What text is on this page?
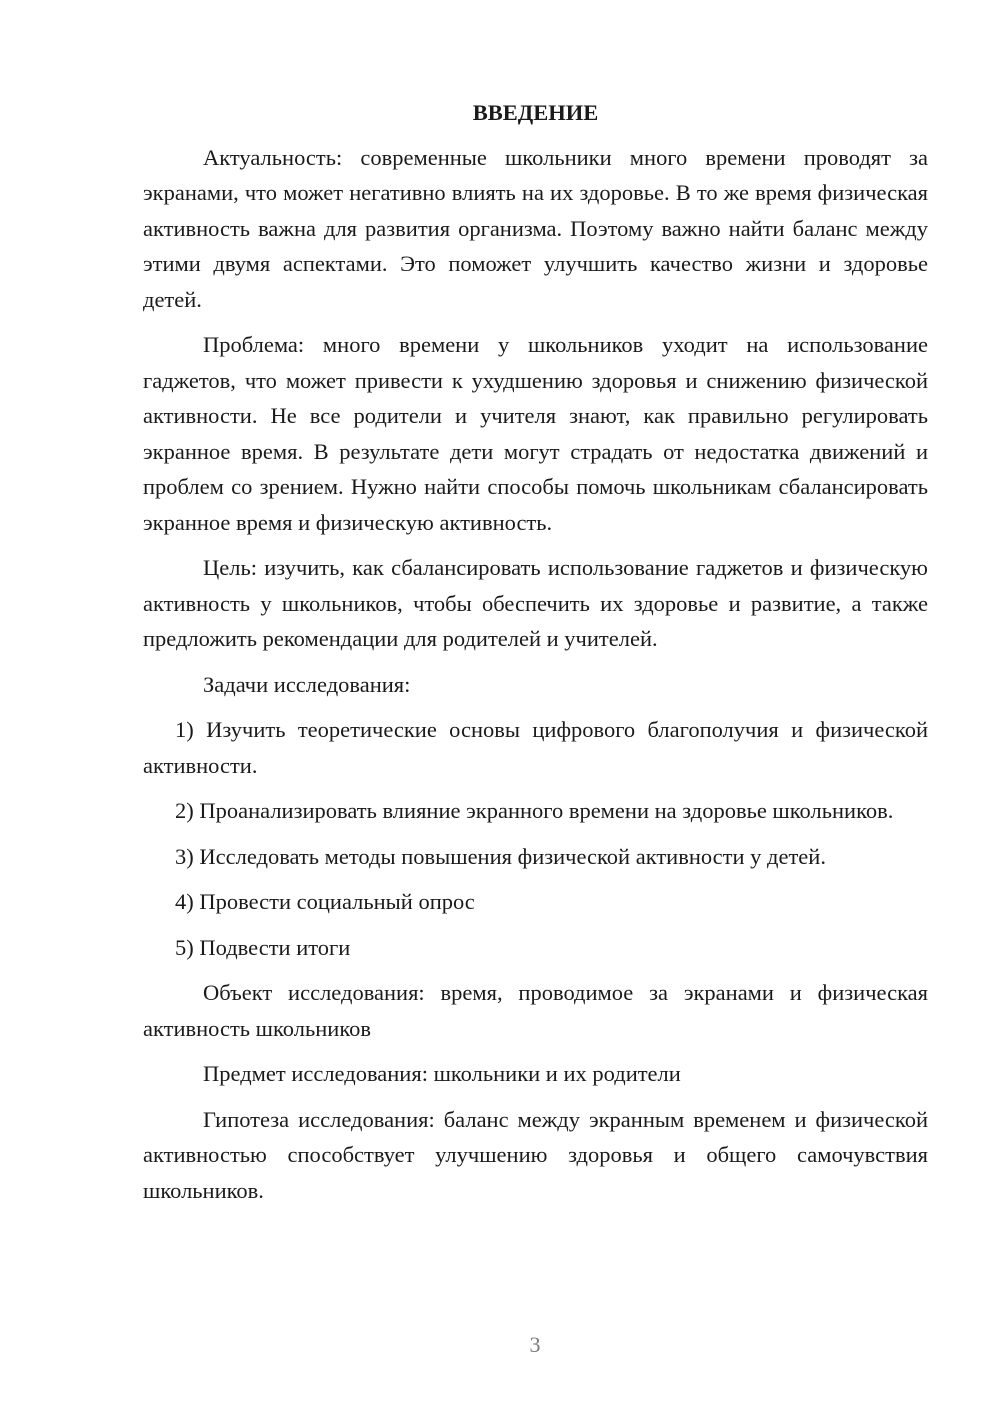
ВВЕДЕНИЕ

Актуальность: современные школьники много времени проводят за экранами, что может негативно влиять на их здоровье. В то же время физическая активность важна для развития организма. Поэтому важно найти баланс между этими двумя аспектами. Это поможет улучшить качество жизни и здоровье детей.

Проблема: много времени у школьников уходит на использование гаджетов, что может привести к ухудшению здоровья и снижению физической активности. Не все родители и учителя знают, как правильно регулировать экранное время. В результате дети могут страдать от недостатка движений и проблем со зрением. Нужно найти способы помочь школьникам сбалансировать экранное время и физическую активность.

Цель: изучить, как сбалансировать использование гаджетов и физическую активность у школьников, чтобы обеспечить их здоровье и развитие, а также предложить рекомендации для родителей и учителей.

Задачи исследования:

1) Изучить теоретические основы цифрового благополучия и физической активности.

2) Проанализировать влияние экранного времени на здоровье школьников.

3) Исследовать методы повышения физической активности у детей.

4) Провести социальный опрос

5) Подвести итоги

Объект исследования: время, проводимое за экранами и физическая активность школьников

Предмет исследования: школьники и их родители

Гипотеза исследования: баланс между экранным временем и физической активностью способствует улучшению здоровья и общего самочувствия школьников.

3
